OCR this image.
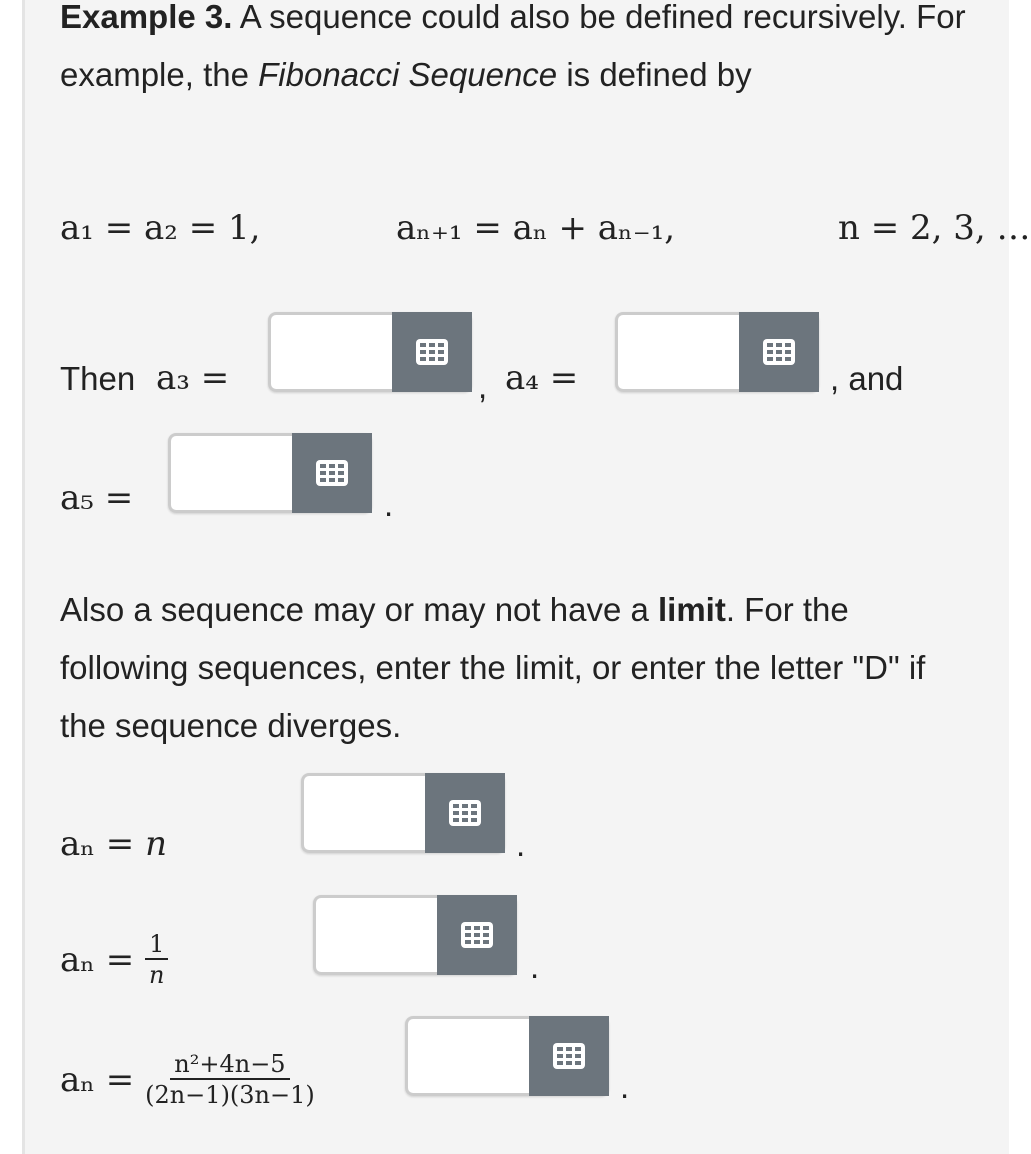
Example 3. A sequence could also be defined recursively. For example, the Fibonacci Sequence is defined by
a₁ = a₂ = 1,	aₙ₊₁ = aₙ + aₙ₋₁,	n = 2, 3, …
Then a₃ =	, a₄ =	, and
a₅ =	.
Also a sequence may or may not have a limit. For the following sequences, enter the limit, or enter the letter "D" if the sequence diverges.
aₙ = n	.
$a_n = \frac{1}{n}$	.
$a_n = \frac{\text{n²+4n−5}}{(2n-1)(3n-1)}$	.
